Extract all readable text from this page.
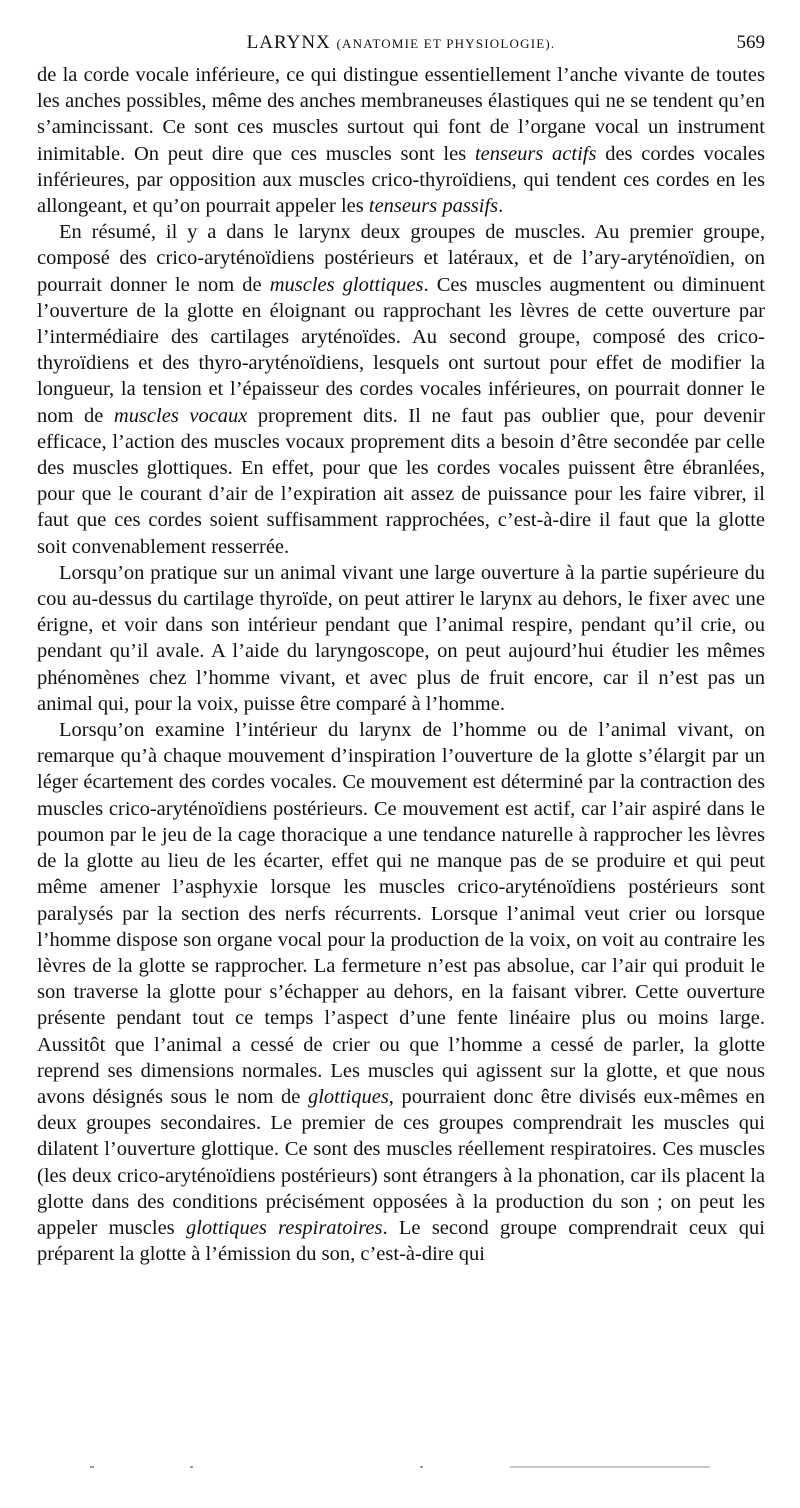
LARYNX (ANATOMIE ET PHYSIOLOGIE).	569

de la corde vocale inférieure, ce qui distingue essentiellement l’anche vivante de toutes les anches possibles, même des anches membraneuses élastiques qui ne se tendent qu’en s’amincissant. Ce sont ces muscles surtout qui font de l’organe vocal un instrument inimitable. On peut dire que ces muscles sont les tenseurs actifs des cordes vocales inférieures, par opposition aux muscles crico-thyroïdiens, qui tendent ces cordes en les allongeant, et qu’on pourrait appeler les tenseurs passifs.

En résumé, il y a dans le larynx deux groupes de muscles. Au premier groupe, composé des crico-aryténoïdiens postérieurs et latéraux, et de l’ary-aryténoïdien, on pourrait donner le nom de muscles glottiques. Ces muscles augmentent ou diminuent l’ouverture de la glotte en éloignant ou rapprochant les lèvres de cette ouverture par l’intermédiaire des cartilages aryténoïdes. Au second groupe, composé des crico-thyroïdiens et des thyro-aryténoïdiens, lesquels ont surtout pour effet de modifier la longueur, la tension et l’épaisseur des cordes vocales inférieures, on pourrait donner le nom de muscles vocaux proprement dits. Il ne faut pas oublier que, pour devenir efficace, l’action des muscles vocaux proprement dits a besoin d’être secondée par celle des muscles glottiques. En effet, pour que les cordes vocales puissent être ébranlées, pour que le courant d’air de l’expiration ait assez de puissance pour les faire vibrer, il faut que ces cordes soient suffisamment rapprochées, c’est-à-dire il faut que la glotte soit convenablement resserrée.

Lorsqu’on pratique sur un animal vivant une large ouverture à la partie supérieure du cou au-dessus du cartilage thyroïde, on peut attirer le larynx au dehors, le fixer avec une érigne, et voir dans son intérieur pendant que l’animal respire, pendant qu’il crie, ou pendant qu’il avale. A l’aide du laryngoscope, on peut aujourd’hui étudier les mêmes phénomènes chez l’homme vivant, et avec plus de fruit encore, car il n’est pas un animal qui, pour la voix, puisse être comparé à l’homme.

Lorsqu’on examine l’intérieur du larynx de l’homme ou de l’animal vivant, on remarque qu’à chaque mouvement d’inspiration l’ouverture de la glotte s’élargit par un léger écartement des cordes vocales. Ce mouvement est déterminé par la contraction des muscles crico-aryténoïdiens postérieurs. Ce mouvement est actif, car l’air aspiré dans le poumon par le jeu de la cage thoracique a une tendance naturelle à rapprocher les lèvres de la glotte au lieu de les écarter, effet qui ne manque pas de se produire et qui peut même amener l’asphyxie lorsque les muscles crico-aryténoïdiens postérieurs sont paralysés par la section des nerfs récurrents. Lorsque l’animal veut crier ou lorsque l’homme dispose son organe vocal pour la production de la voix, on voit au contraire les lèvres de la glotte se rapprocher. La fermeture n’est pas absolue, car l’air qui produit le son traverse la glotte pour s’échapper au dehors, en la faisant vibrer. Cette ouverture présente pendant tout ce temps l’aspect d’une fente linéaire plus ou moins large. Aussitôt que l’animal a cessé de crier ou que l’homme a cessé de parler, la glotte reprend ses dimensions normales. Les muscles qui agissent sur la glotte, et que nous avons désignés sous le nom de glottiques, pourraient donc être divisés eux-mêmes en deux groupes secondaires. Le premier de ces groupes comprendrait les muscles qui dilatent l’ouverture glottique. Ce sont des muscles réellement respiratoires. Ces muscles (les deux crico-aryténoïdiens postérieurs) sont étrangers à la phonation, car ils placent la glotte dans des conditions précisément opposées à la production du son ; on peut les appeler muscles glottiques respiratoires. Le second groupe comprendrait ceux qui préparent la glotte à l’émission du son, c’est-à-dire qui
